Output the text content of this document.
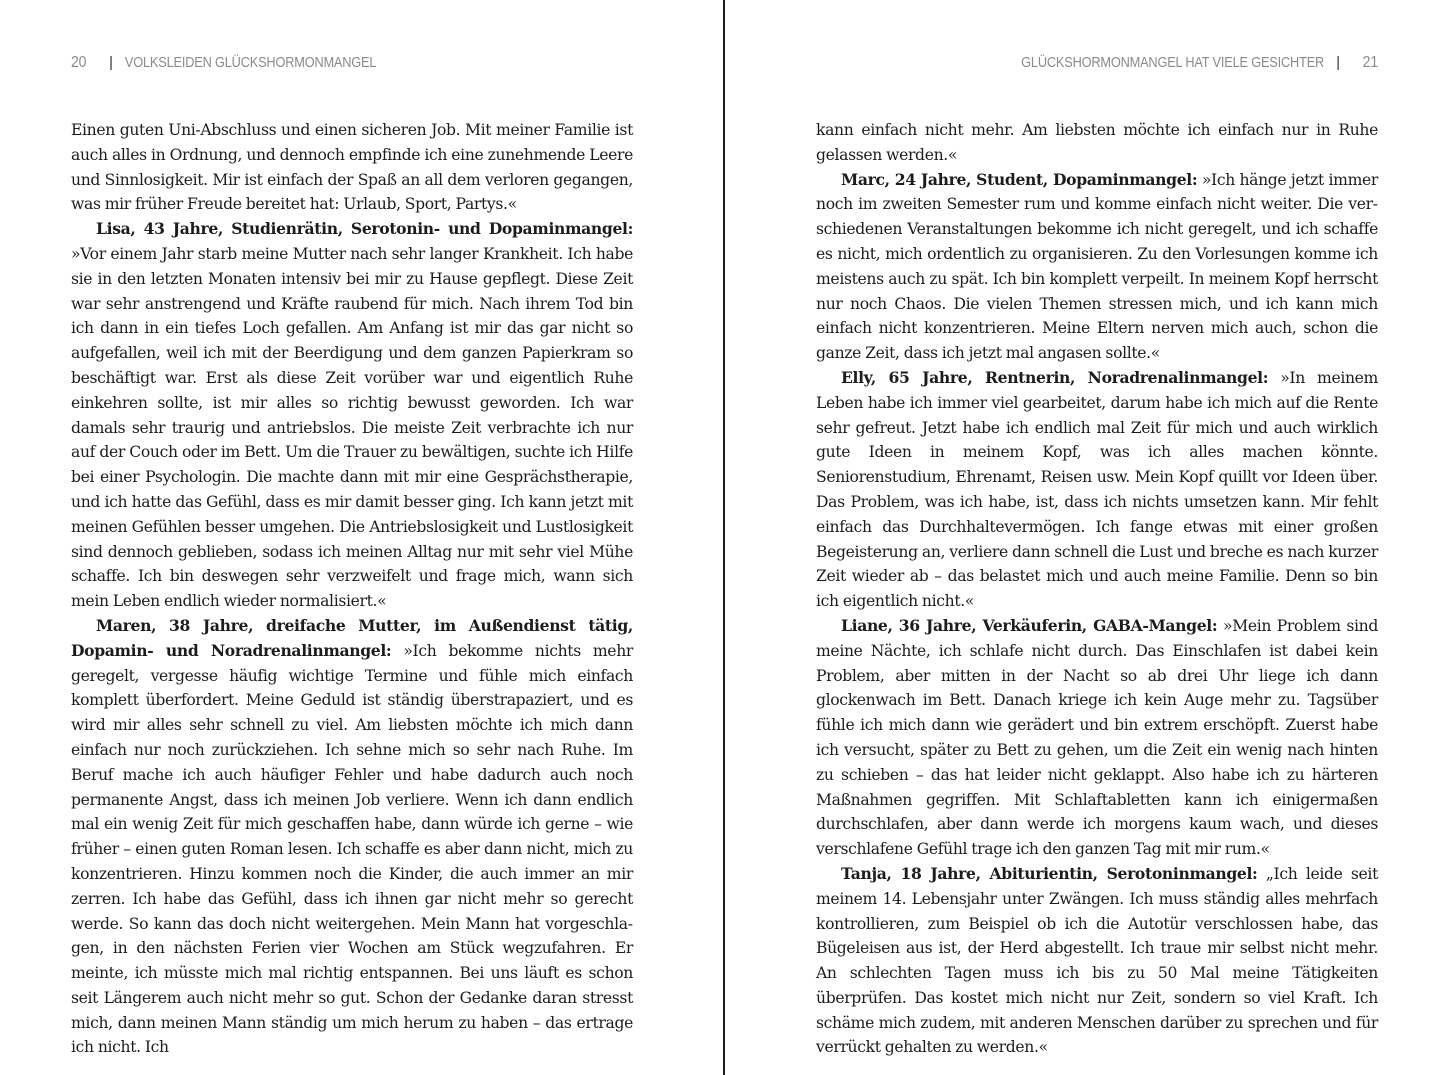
20 | VOLKSLEIDEN GLÜCKSHORMONMANGEL

Einen guten Uni-Abschluss und einen sicheren Job. Mit meiner Familie ist auch alles in Ordnung, und dennoch empfinde ich eine zunehmende Leere und Sinnlosigkeit. Mir ist einfach der Spaß an all dem verloren gegangen, was mir früher Freude bereitet hat: Urlaub, Sport, Partys.«

Lisa, 43 Jahre, Studienrätin, Serotonin- und Dopaminmangel: »Vor einem Jahr starb meine Mutter nach sehr langer Krankheit. Ich habe sie in den letzten Monaten intensiv bei mir zu Hause gepflegt. Diese Zeit war sehr anstrengend und Kräfte raubend für mich. Nach ihrem Tod bin ich dann in ein tiefes Loch gefallen. Am Anfang ist mir das gar nicht so aufgefallen, weil ich mit der Beerdigung und dem ganzen Papierkram so beschäftigt war. Erst als diese Zeit vorüber war und eigentlich Ruhe einkehren sollte, ist mir alles so richtig bewusst geworden. Ich war damals sehr traurig und antriebslos. Die meiste Zeit verbrachte ich nur auf der Couch oder im Bett. Um die Trauer zu bewältigen, suchte ich Hilfe bei einer Psychologin. Die machte dann mit mir eine Gesprächstherapie, und ich hatte das Gefühl, dass es mir damit besser ging. Ich kann jetzt mit meinen Gefühlen besser umgehen. Die Antriebslosigkeit und Lustlosigkeit sind dennoch geblieben, sodass ich meinen Alltag nur mit sehr viel Mühe schaffe. Ich bin deswegen sehr verzweifelt und frage mich, wann sich mein Leben endlich wieder normalisiert.«

Maren, 38 Jahre, dreifache Mutter, im Außendienst tätig, Dopamin- und Noradrenalinmangel: »Ich bekomme nichts mehr geregelt, vergesse häufig wichtige Termine und fühle mich einfach komplett überfordert. Meine Geduld ist ständig überstrapaziert, und es wird mir alles sehr schnell zu viel. Am liebsten möchte ich mich dann einfach nur noch zurückziehen. Ich sehne mich so sehr nach Ruhe. Im Beruf mache ich auch häufiger Fehler und habe dadurch auch noch permanente Angst, dass ich meinen Job verliere. Wenn ich dann endlich mal ein wenig Zeit für mich geschaffen habe, dann würde ich gerne – wie früher – einen guten Roman lesen. Ich schaffe es aber dann nicht, mich zu konzentrieren. Hinzu kommen noch die Kinder, die auch immer an mir zerren. Ich habe das Gefühl, dass ich ihnen gar nicht mehr so gerecht werde. So kann das doch nicht weitergehen. Mein Mann hat vorgeschlagen, in den nächsten Ferien vier Wochen am Stück wegzufahren. Er meinte, ich müsste mich mal richtig entspannen. Bei uns läuft es schon seit Längerem auch nicht mehr so gut. Schon der Gedanke daran stresst mich, dann meinen Mann ständig um mich herum zu haben – das ertrage ich nicht. Ich

GLÜCKSHORMONMANGEL HAT VIELE GESICHTER | 21

kann einfach nicht mehr. Am liebsten möchte ich einfach nur in Ruhe gelassen werden.«

Marc, 24 Jahre, Student, Dopaminmangel: »Ich hänge jetzt immer noch im zweiten Semester rum und komme einfach nicht weiter. Die verschiedenen Veranstaltungen bekomme ich nicht geregelt, und ich schaffe es nicht, mich ordentlich zu organisieren. Zu den Vorlesungen komme ich meistens auch zu spät. Ich bin komplett verpeilt. In meinem Kopf herrscht nur noch Chaos. Die vielen Themen stressen mich, und ich kann mich einfach nicht konzentrieren. Meine Eltern nerven mich auch, schon die ganze Zeit, dass ich jetzt mal angasen sollte.«

Elly, 65 Jahre, Rentnerin, Noradrenalinmangel: »In meinem Leben habe ich immer viel gearbeitet, darum habe ich mich auf die Rente sehr gefreut. Jetzt habe ich endlich mal Zeit für mich und auch wirklich gute Ideen in meinem Kopf, was ich alles machen könnte. Seniorenstudium, Ehrenamt, Reisen usw. Mein Kopf quillt vor Ideen über. Das Problem, was ich habe, ist, dass ich nichts umsetzen kann. Mir fehlt einfach das Durchhaltevermögen. Ich fange etwas mit einer großen Begeisterung an, verliere dann schnell die Lust und breche es nach kurzer Zeit wieder ab – das belastet mich und auch meine Familie. Denn so bin ich eigentlich nicht.«

Liane, 36 Jahre, Verkäuferin, GABA-Mangel: »Mein Problem sind meine Nächte, ich schlafe nicht durch. Das Einschlafen ist dabei kein Problem, aber mitten in der Nacht so ab drei Uhr liege ich dann glockenwach im Bett. Danach kriege ich kein Auge mehr zu. Tagsüber fühle ich mich dann wie gerädert und bin extrem erschöpft. Zuerst habe ich versucht, später zu Bett zu gehen, um die Zeit ein wenig nach hinten zu schieben – das hat leider nicht geklappt. Also habe ich zu härteren Maßnahmen gegriffen. Mit Schlaftabletten kann ich einigermaßen durchschlafen, aber dann werde ich morgens kaum wach, und dieses verschlafene Gefühl trage ich den ganzen Tag mit mir rum.«

Tanja, 18 Jahre, Abiturientin, Serotoninmangel: „Ich leide seit meinem 14. Lebensjahr unter Zwängen. Ich muss ständig alles mehrfach kontrollieren, zum Beispiel ob ich die Autotür verschlossen habe, das Bügeleisen aus ist, der Herd abgestellt. Ich traue mir selbst nicht mehr. An schlechten Tagen muss ich bis zu 50 Mal meine Tätigkeiten überprüfen. Das kostet mich nicht nur Zeit, sondern so viel Kraft. Ich schäme mich zudem, mit anderen Menschen darüber zu sprechen und für verrückt gehalten zu werden.«
